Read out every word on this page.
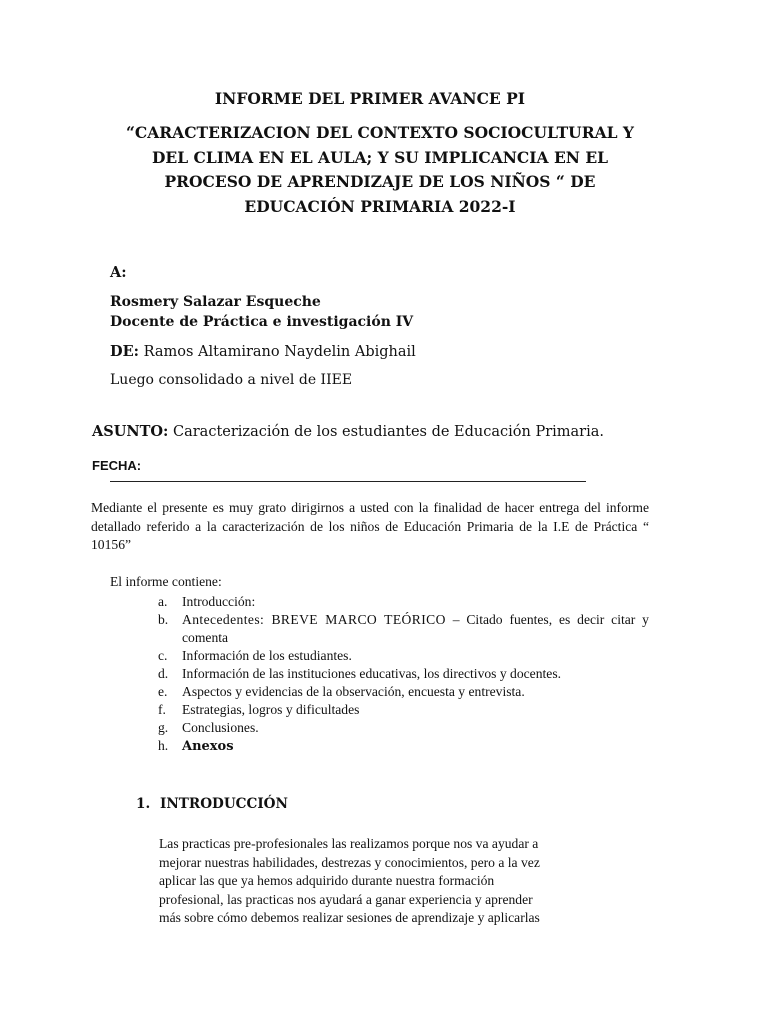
INFORME DEL PRIMER AVANCE PI
“CARACTERIZACION DEL CONTEXTO SOCIOCULTURAL Y
DEL CLIMA EN EL AULA; Y SU IMPLICANCIA EN EL
PROCESO DE APRENDIZAJE DE LOS NIÑOS “ DE
EDUCACIÓN PRIMARIA 2022-I
A:
Rosmery Salazar Esqueche
Docente de Práctica e investigación IV
DE: Ramos Altamirano Naydelin Abighail
Luego consolidado a nivel de IIEE
ASUNTO: Caracterización de los estudiantes de Educación Primaria.
FECHA:
Mediante el presente es muy grato dirigirnos a usted con la finalidad de hacer entrega del informe detallado referido a la caracterización de los niños de Educación Primaria de la I.E de Práctica “ 10156”
El informe contiene:
a. Introducción:
b. Antecedentes: BREVE MARCO TEÓRICO – Citado fuentes, es decir citar y comenta
c. Información de los estudiantes.
d. Información de las instituciones educativas, los directivos y docentes.
e. Aspectos y evidencias de la observación, encuesta y entrevista.
f. Estrategias, logros y dificultades
g. Conclusiones.
h. Anexos
1. INTRODUCCIÓN
Las practicas pre-profesionales las realizamos porque nos va ayudar a
mejorar nuestras habilidades, destrezas y conocimientos, pero a la vez
aplicar las que ya hemos adquirido durante nuestra formación
profesional, las practicas nos ayudará a ganar experiencia y aprender
más sobre cómo debemos realizar sesiones de aprendizaje y aplicarlas
